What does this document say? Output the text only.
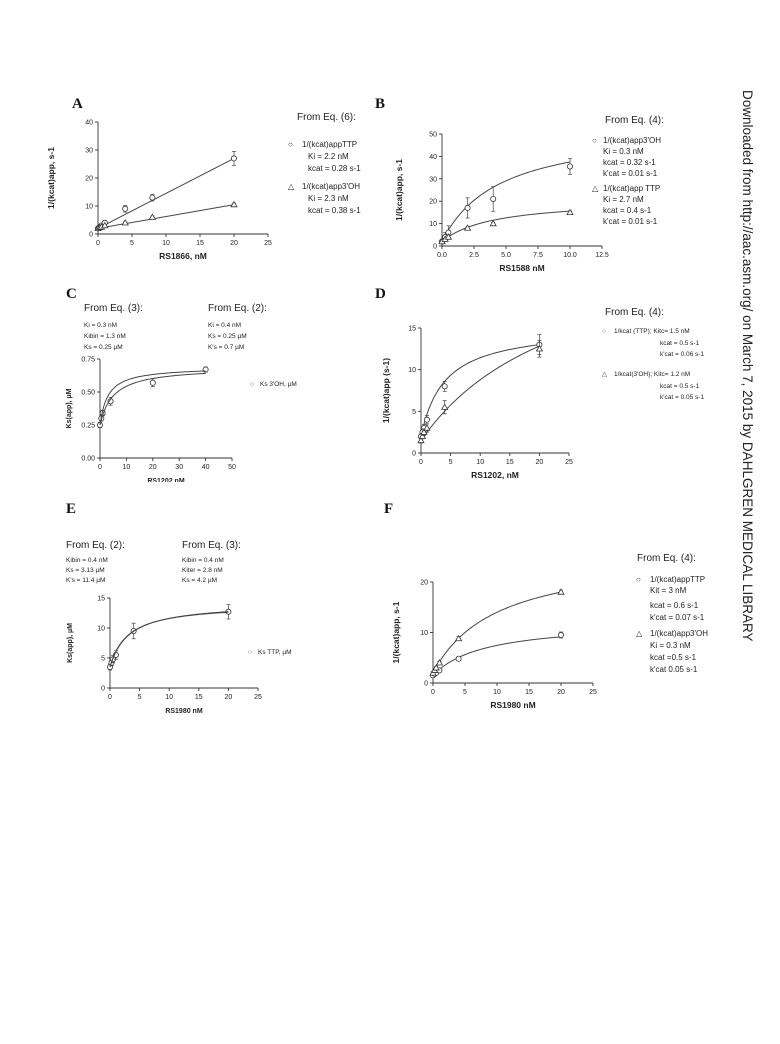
Downloaded from http://aac.asm.org/ on March 7, 2015 by DAHLGREN MEDICAL LIBRARY
A
From Eq. (6):
○ 1/(kcat)appTTP
Ki = 2.2 nM
kcat = 0.28 s-1
△ 1/(kcat)app3'OH
Ki = 2.3 nM
kcat = 0.38 s-1
0	5	10	15	20	25
0
10
20
30
40
RS1866, nM
1/(kcat)app, s-1
B
From Eq. (4):
○ 1/(kcat)app3'OH
Ki = 0.3 nM
kcat = 0.32 s-1
k'cat = 0.01 s-1
△ 1/(kcat)app TTP
Ki = 2.7 nM
kcat = 0.4 s-1
k'cat = 0.01 s-1
0.0	2.5	5.0	7.5	10.0	12.5
0
10
20
30
40
50
RS1588 nM
1/(kcat)app, s-1
C
From Eq. (3):
Ki = 0.3 nM
Kibin = 1.3 nM
Ks = 0.25 µM
From Eq. (2):
Ki = 0.4 nM
Ks = 0.25 µM
K's = 0.7 µM
○ Ks 3'OH, µM
0	10	20	30	40	50
0.00
0.25
0.50
0.75
RS1202 nM
Ks(app), µM
D
From Eq. (4):
○ 1/kcat (TTP); Kitc= 1.5 nM
kcat = 0.5 s-1
k'cat = 0.06 s-1
△ 1/kcat(3'OH); Kitc= 1.2 nM
kcat = 0.5 s-1
k'cat = 0.05 s-1
0	5	10	15	20	25
0
5
10
15
RS1202, nM
1/(kcat)app (s-1)
E
From Eq. (2):
Kibin = 0.4 nM
Ks = 3.13 µM
K's = 11.4 µM
From Eq. (3):
Kibin = 0.4 nM
Kiter = 2.8 nM
Ks = 4.2 µM
○ Ks TTP, µM
0	5	10	15	20	25
0
5
10
15
RS1980 nM
Ks(app), µM
F
From Eq. (4):
○ 1/(kcat)appTTP
Kit = 3 nM
kcat = 0.6 s-1
k'cat = 0.07 s-1
△ 1/(kcat)app3'OH
Ki = 0.3 nM
kcat =0.5 s-1
k'cat 0.05 s-1
0	5	10	15	20	25
0
10
20
RS1980 nM
1/(kcat)app, s-1
